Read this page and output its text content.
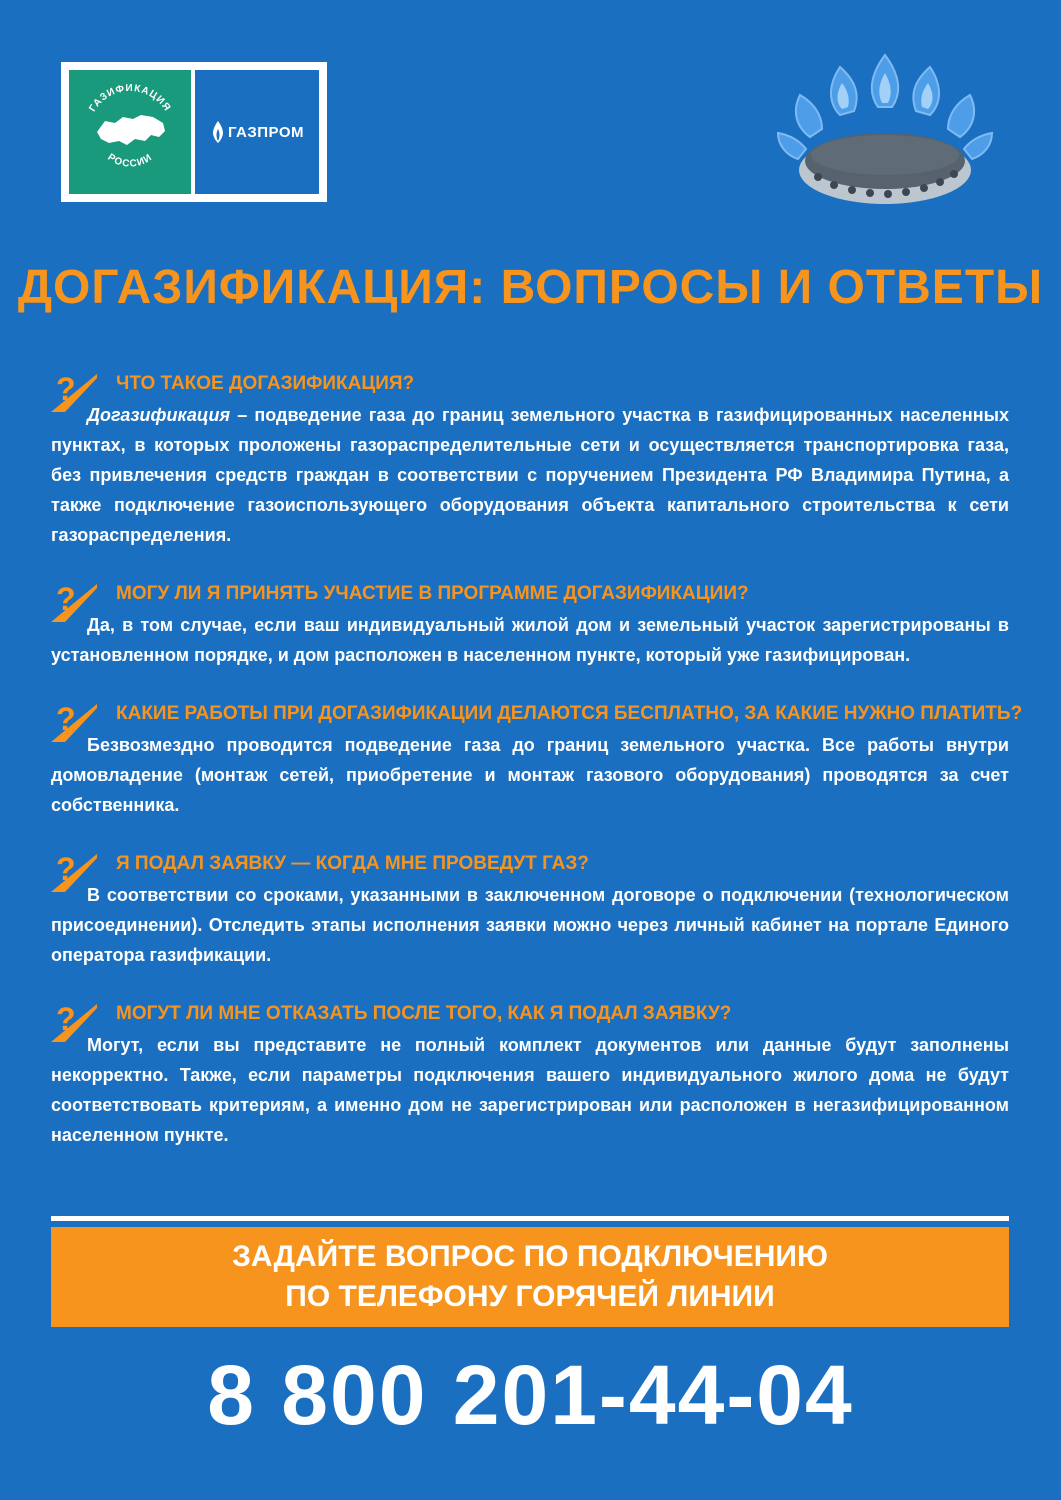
ГАЗИФИКАЦИЯ
РОССИИ
ГАЗПРОМ
ДОГАЗИФИКАЦИЯ: ВОПРОСЫ И ОТВЕТЫ
? ЧТО ТАКОЕ ДОГАЗИФИКАЦИЯ?

Догазификация – подведение газа до границ земельного участка в газифицированных населенных пунктах, в которых проложены газораспределительные сети и осуществляется транспортировка газа, без привлечения средств граждан в соответствии с поручением Президента РФ Владимира Путина, а также подключение газоиспользующего оборудования объекта капитального строительства к сети газораспределения.

? МОГУ ЛИ Я ПРИНЯТЬ УЧАСТИЕ В ПРОГРАММЕ ДОГАЗИФИКАЦИИ?

Да, в том случае, если ваш индивидуальный жилой дом и земельный участок зарегистрированы в установленном порядке, и дом расположен в населенном пункте, который уже газифицирован.

? КАКИЕ РАБОТЫ ПРИ ДОГАЗИФИКАЦИИ ДЕЛАЮТСЯ БЕСПЛАТНО, ЗА КАКИЕ НУЖНО ПЛАТИТЬ?

Безвозмездно проводится подведение газа до границ земельного участка. Все работы внутри домовладение (монтаж сетей, приобретение и монтаж газового оборудования) проводятся за счет собственника.

? Я ПОДАЛ ЗАЯВКУ — КОГДА МНЕ ПРОВЕДУТ ГАЗ?

В соответствии со сроками, указанными в заключенном договоре о подключении (технологическом присоединении). Отследить этапы исполнения заявки можно через личный кабинет на портале Единого оператора газификации.

? МОГУТ ЛИ МНЕ ОТКАЗАТЬ ПОСЛЕ ТОГО, КАК Я ПОДАЛ ЗАЯВКУ?

Могут, если вы представите не полный комплект документов или данные будут заполнены некорректно. Также, если параметры подключения вашего индивидуального жилого дома не будут соответствовать критериям, а именно дом не зарегистрирован или расположен в негазифицированном населенном пункте.

ЗАДАЙТЕ ВОПРОС ПО ПОДКЛЮЧЕНИЮ
ПО ТЕЛЕФОНУ ГОРЯЧЕЙ ЛИНИИ
8 800 201-44-04
